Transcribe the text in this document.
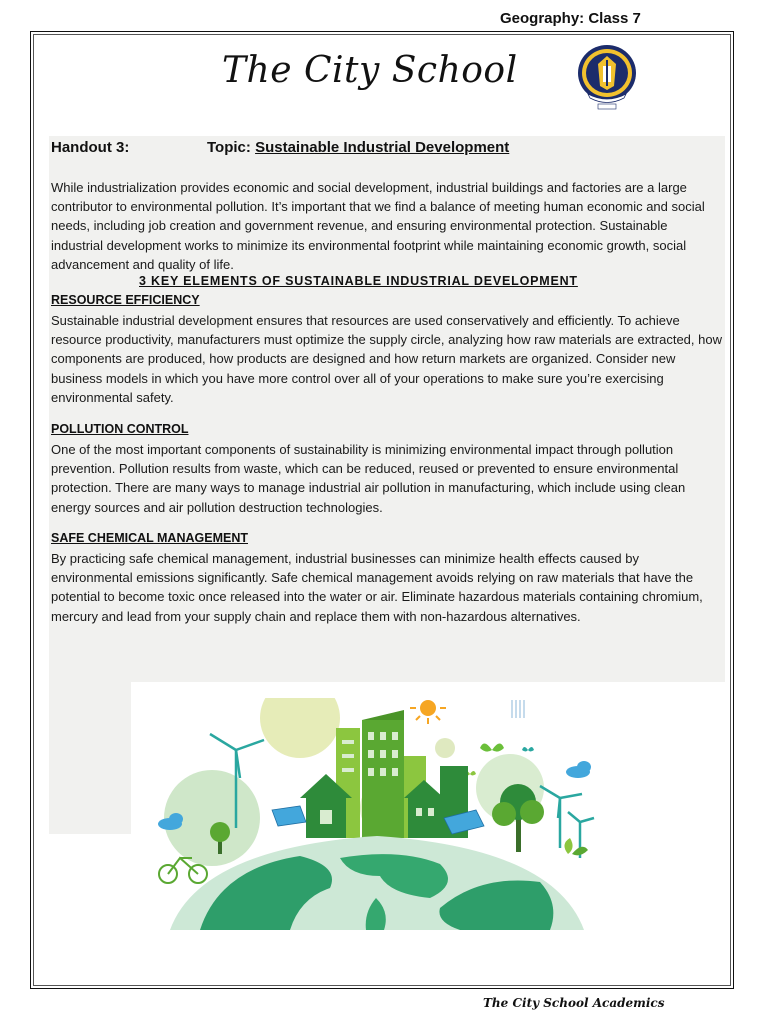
Geography: Class 7
The City School
Handout 3:	Topic: Sustainable Industrial Development

While industrialization provides economic and social development, industrial buildings and factories are a large contributor to environmental pollution. It’s important that we find a balance of meeting human economic and social needs, including job creation and government revenue, and ensuring environmental protection. Sustainable industrial development works to minimize its environmental footprint while maintaining economic growth, social advancement and quality of life.

3 KEY ELEMENTS OF SUSTAINABLE INDUSTRIAL DEVELOPMENT
RESOURCE EFFICIENCY

Sustainable industrial development ensures that resources are used conservatively and efficiently. To achieve resource productivity, manufacturers must optimize the supply circle, analyzing how raw materials are extracted, how components are produced, how products are designed and how return markets are organized. Consider new business models in which you have more control over all of your operations to make sure you’re exercising environmental safety.

POLLUTION CONTROL

One of the most important components of sustainability is minimizing environmental impact through pollution prevention. Pollution results from waste, which can be reduced, reused or prevented to ensure environmental protection. There are many ways to manage industrial air pollution in manufacturing, which include using clean energy sources and air pollution destruction technologies.

SAFE CHEMICAL MANAGEMENT

By practicing safe chemical management, industrial businesses can minimize health effects caused by environmental emissions significantly. Safe chemical management avoids relying on raw materials that have the potential to become toxic once released into the water or air. Eliminate hazardous materials containing chromium, mercury and lead from your supply chain and replace them with non-hazardous alternatives.

The City School Academics
